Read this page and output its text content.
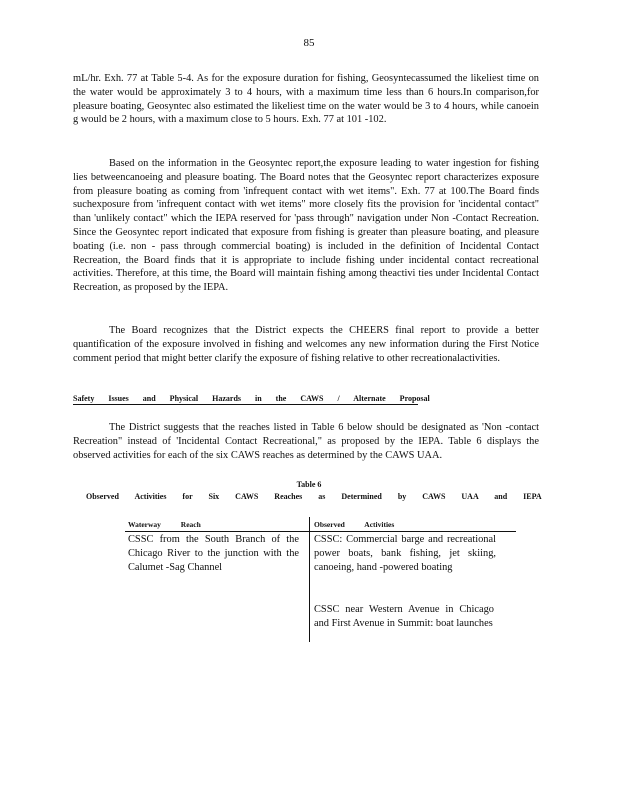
85
mL/hr. Exh. 77 at Table 5-4. As for the exposure duration for fishing, Geosyntecassumed the likeliest time on the water would be approximately 3 to 4 hours, with a maximum time less than 6 hours.In comparison,for pleasure boating, Geosyntec also estimated the likeliest time on the water would be 3 to 4 hours, while canoein g would be 2 hours, with a maximum close to 5 hours. Exh. 77 at 101 -102.
Based on the information in the Geosyntec report,the exposure leading to water ingestion for fishing lies betweencanoeing and pleasure boating. The Board notes that the Geosyntec report characterizes exposure from pleasure boating as coming from 'infrequent contact with wet items". Exh. 77 at 100.The Board finds suchexposure from 'infrequent contact with wet items" more closely fits the provision for 'incidental contact" than 'unlikely contact" which the IEPA reserved for 'pass through" navigation under Non -Contact Recreation. Since the Geosyntec report indicated that exposure from fishing is greater than pleasure boating, and pleasure boating (i.e. non - pass through commercial boating) is included in the definition of Incidental Contact Recreation, the Board finds that it is appropriate to include fishing under incidental contact recreational activities. Therefore, at this time, the Board will maintain fishing among theactivi ties under Incidental Contact Recreation, as proposed by the IEPA.
The Board recognizes that the District expects the CHEERS final report to provide a better quantification of the exposure involved in fishing and welcomes any new information during the First Notice comment period that might better clarify the exposure of fishing relative to other recreationalactivities.
Safety Issues and Physical Hazards in the CAWS / Alternate Proposal
The District suggests that the reaches listed in Table 6 below should be designated as 'Non -contact Recreation" instead of 'Incidental Contact Recreational," as proposed by the IEPA. Table 6 displays the observed activities for each of the six CAWS reaches as determined by the CAWS UAA.
Table 6
Observed Activities for Six CAWS Reaches as Determined by CAWS UAA and IEPA
Waterway Reach	Observed Activities
CSSC from the South Branch of the Chicago River to the junction with the Calumet -Sag Channel
CSSC: Commercial barge and recreational power boats, bank fishing, jet skiing, canoeing, hand -powered boating
CSSC near Western Avenue in Chicago and First Avenue in Summit: boat launches
